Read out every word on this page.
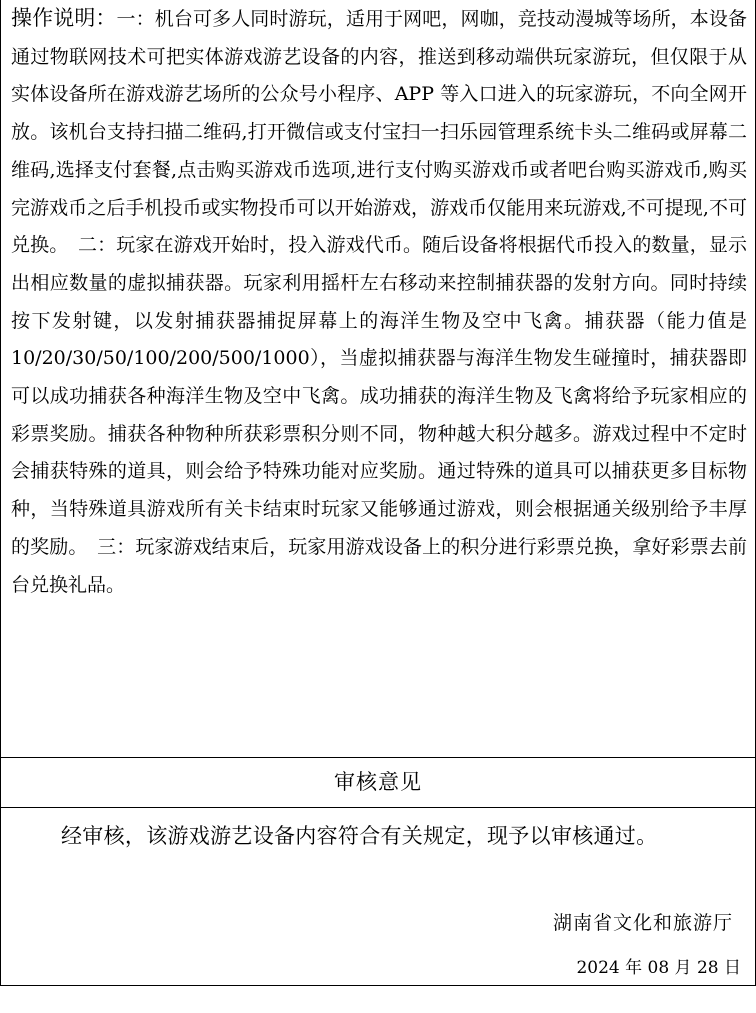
操作说明：一：机台可多人同时游玩，适用于网吧，网咖，竞技动漫城等场所，本设备通过物联网技术可把实体游戏游艺设备的内容，推送到移动端供玩家游玩，但仅限于从实体设备所在游戏游艺场所的公众号小程序、APP 等入口进入的玩家游玩，不向全网开放。该机台支持扫描二维码,打开微信或支付宝扫一扫乐园管理系统卡头二维码或屏幕二维码,选择支付套餐,点击购买游戏币选项,进行支付购买游戏币或者吧台购买游戏币,购买完游戏币之后手机投币或实物投币可以开始游戏，游戏币仅能用来玩游戏,不可提现,不可兑换。　二：玩家在游戏开始时，投入游戏代币。随后设备将根据代币投入的数量，显示出相应数量的虚拟捕获器。玩家利用摇杆左右移动来控制捕获器的发射方向。同时持续按下发射键，以发射捕获器捕捉屏幕上的海洋生物及空中飞禽。捕获器（能力值是10/20/30/50/100/200/500/1000），当虚拟捕获器与海洋生物发生碰撞时，捕获器即可以成功捕获各种海洋生物及空中飞禽。成功捕获的海洋生物及飞禽将给予玩家相应的彩票奖励。捕获各种物种所获彩票积分则不同，物种越大积分越多。游戏过程中不定时会捕获特殊的道具，则会给予特殊功能对应奖励。通过特殊的道具可以捕获更多目标物种，当特殊道具游戏所有关卡结束时玩家又能够通过游戏，则会根据通关级别给予丰厚的奖励。　三：玩家游戏结束后，玩家用游戏设备上的积分进行彩票兑换，拿好彩票去前台兑换礼品。
审核意见
经审核，该游戏游艺设备内容符合有关规定，现予以审核通过。
湖南省文化和旅游厅
2024 年 08 月 28 日
